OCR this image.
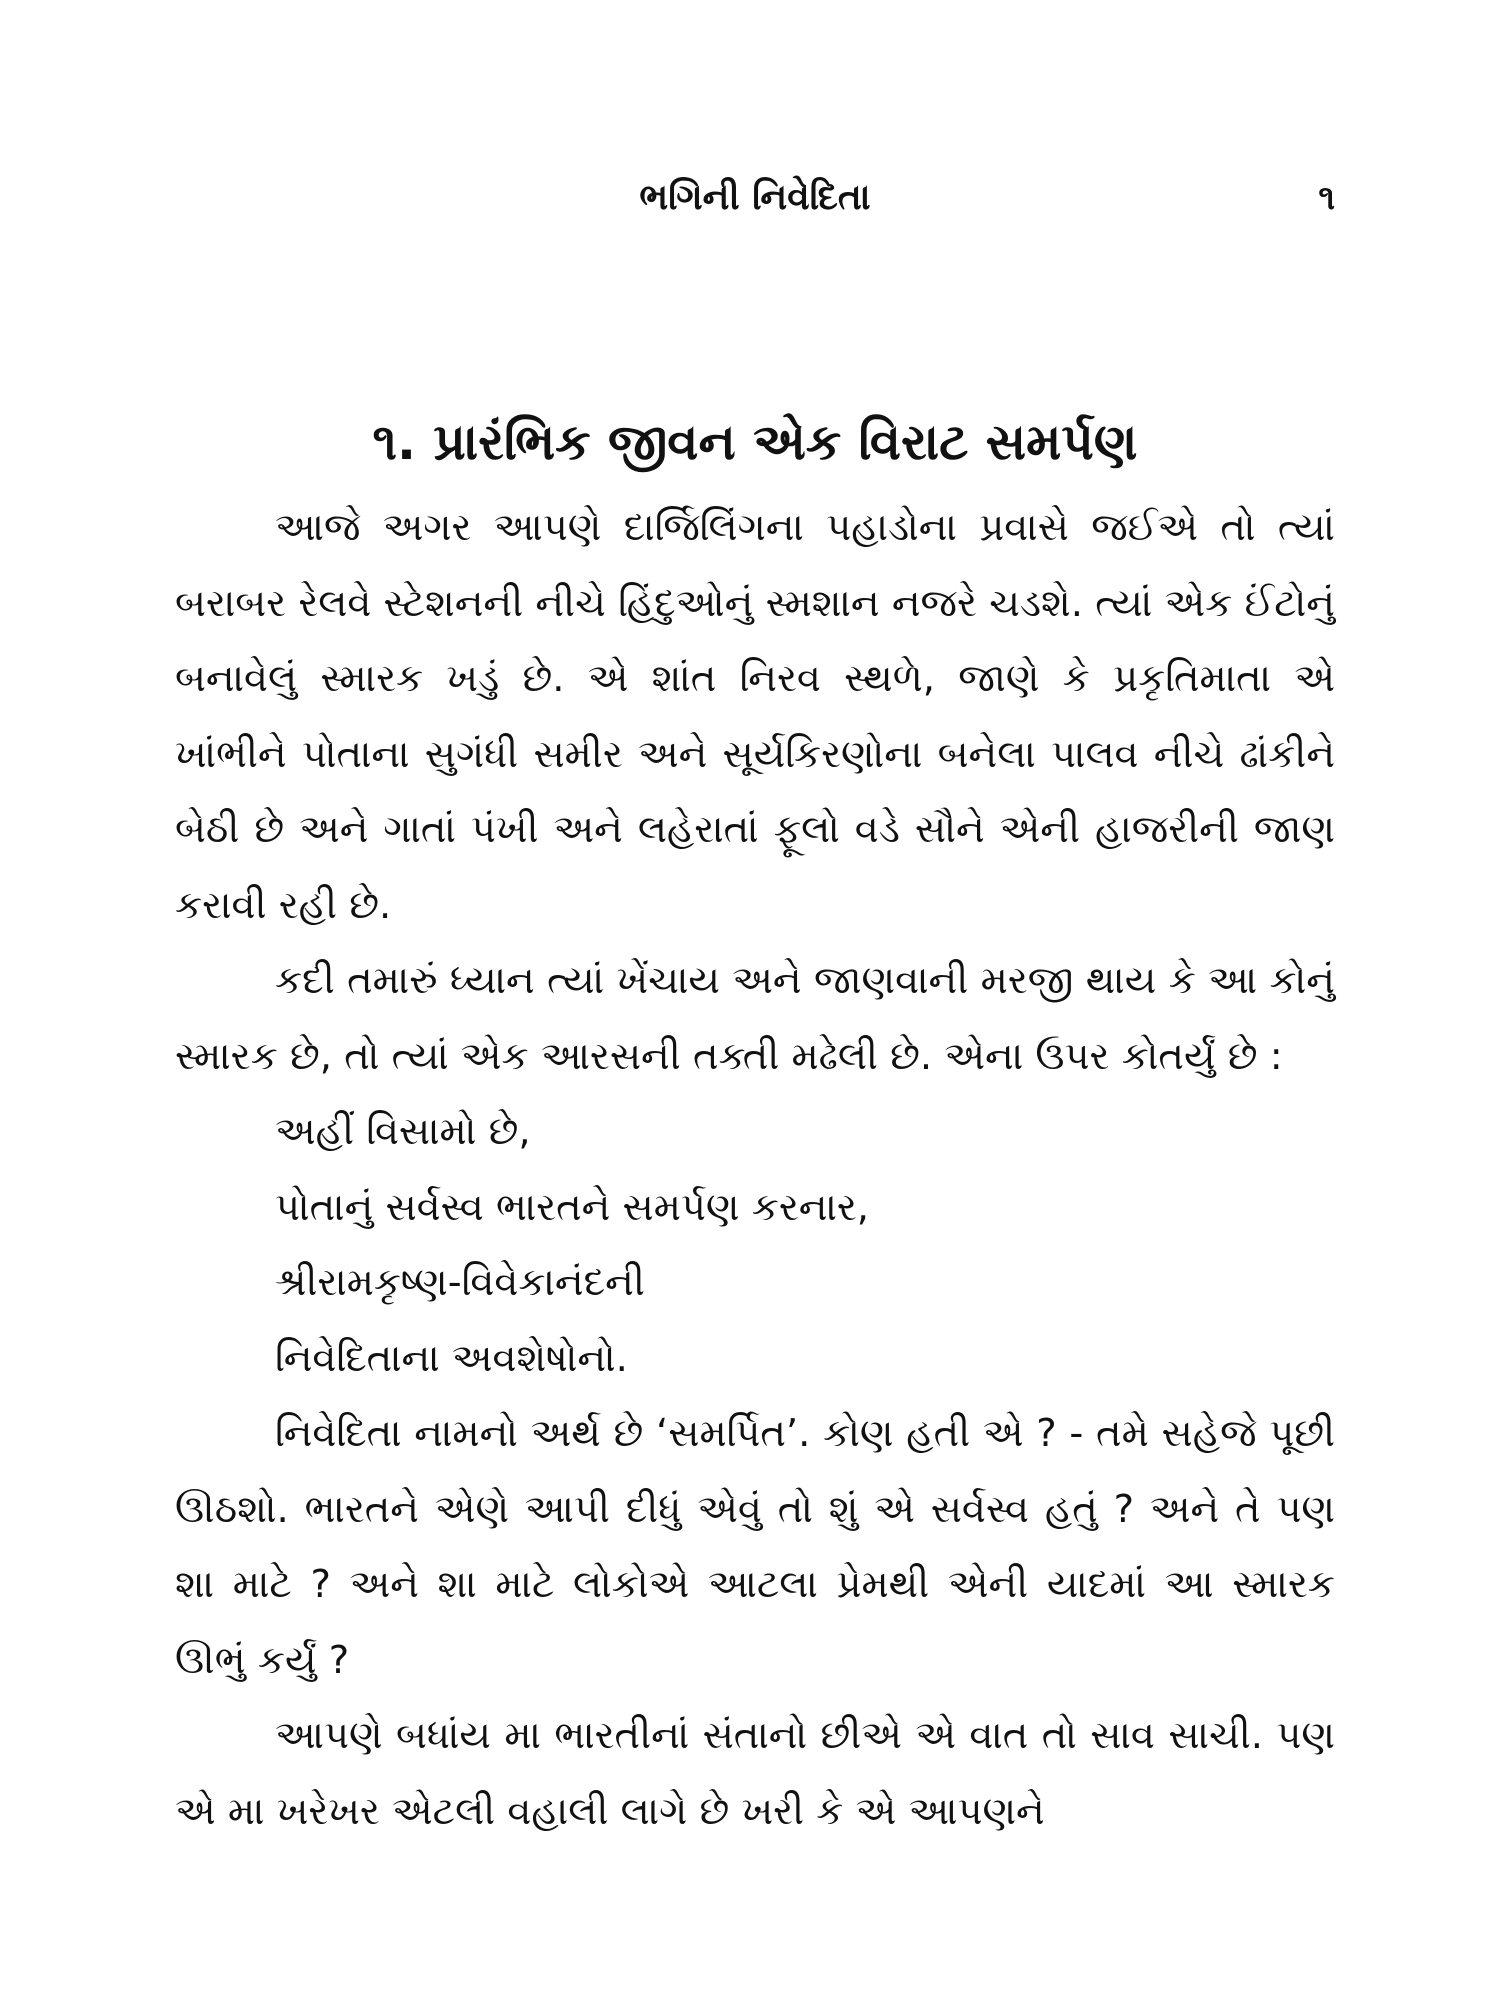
ભગિની નિવેદિતા	૧
૧. પ્રારંભિક જીવન એક વિરાટ સમર્પણ

આજે અગર આપણે દાર્જિલિંગના પહાડોના પ્રવાસે જઈએ તો ત્યાં બરાબર રેલવે સ્ટેશનની નીચે હિંદુઓનું સ્મશાન નજરે ચડશે. ત્યાં એક ઈંટોનું બનાવેલું સ્મારક ખડું છે. એ શાંત નિરવ સ્થળે, જાણે કે પ્રકૃતિમાતા એ ખાંભીને પોતાના સુગંધી સમીર અને સૂર્યકિરણોના બનેલા પાલવ નીચે ઢાંકીને બેઠી છે અને ગાતાં પંખી અને લહેરાતાં ફૂલો વડે સૌને એની હાજરીની જાણ કરાવી રહી છે.

કદી તમારું ધ્યાન ત્યાં ખેંચાય અને જાણવાની મરજી થાય કે આ કોનું સ્મારક છે, તો ત્યાં એક આરસની તક્તી મઢેલી છે. એના ઉપર કોતર્યું છે :

અહીં વિસામો છે,
પોતાનું સર્વસ્વ ભારતને સમર્પણ કરનાર,
શ્રીરામકૃષ્ણ-વિવેકાનંદની
નિવેદિતાના અવશેષોનો.

નિવેદિતા નામનો અર્થ છે ‘સમર્પિત’. કોણ હતી એ ? - તમે સહેજે પૂછી ઊઠશો. ભારતને એણે આપી દીધું એવું તો શું એ સર્વસ્વ હતું ? અને તે પણ શા માટે ? અને શા માટે લોકોએ આટલા પ્રેમથી એની યાદમાં આ સ્મારક ઊભું કર્યું ?

આપણે બધાંય મા ભારતીનાં સંતાનો છીએ એ વાત તો સાવ સાચી. પણ એ મા ખરેખર એટલી વહાલી લાગે છે ખરી કે એ આપણને
